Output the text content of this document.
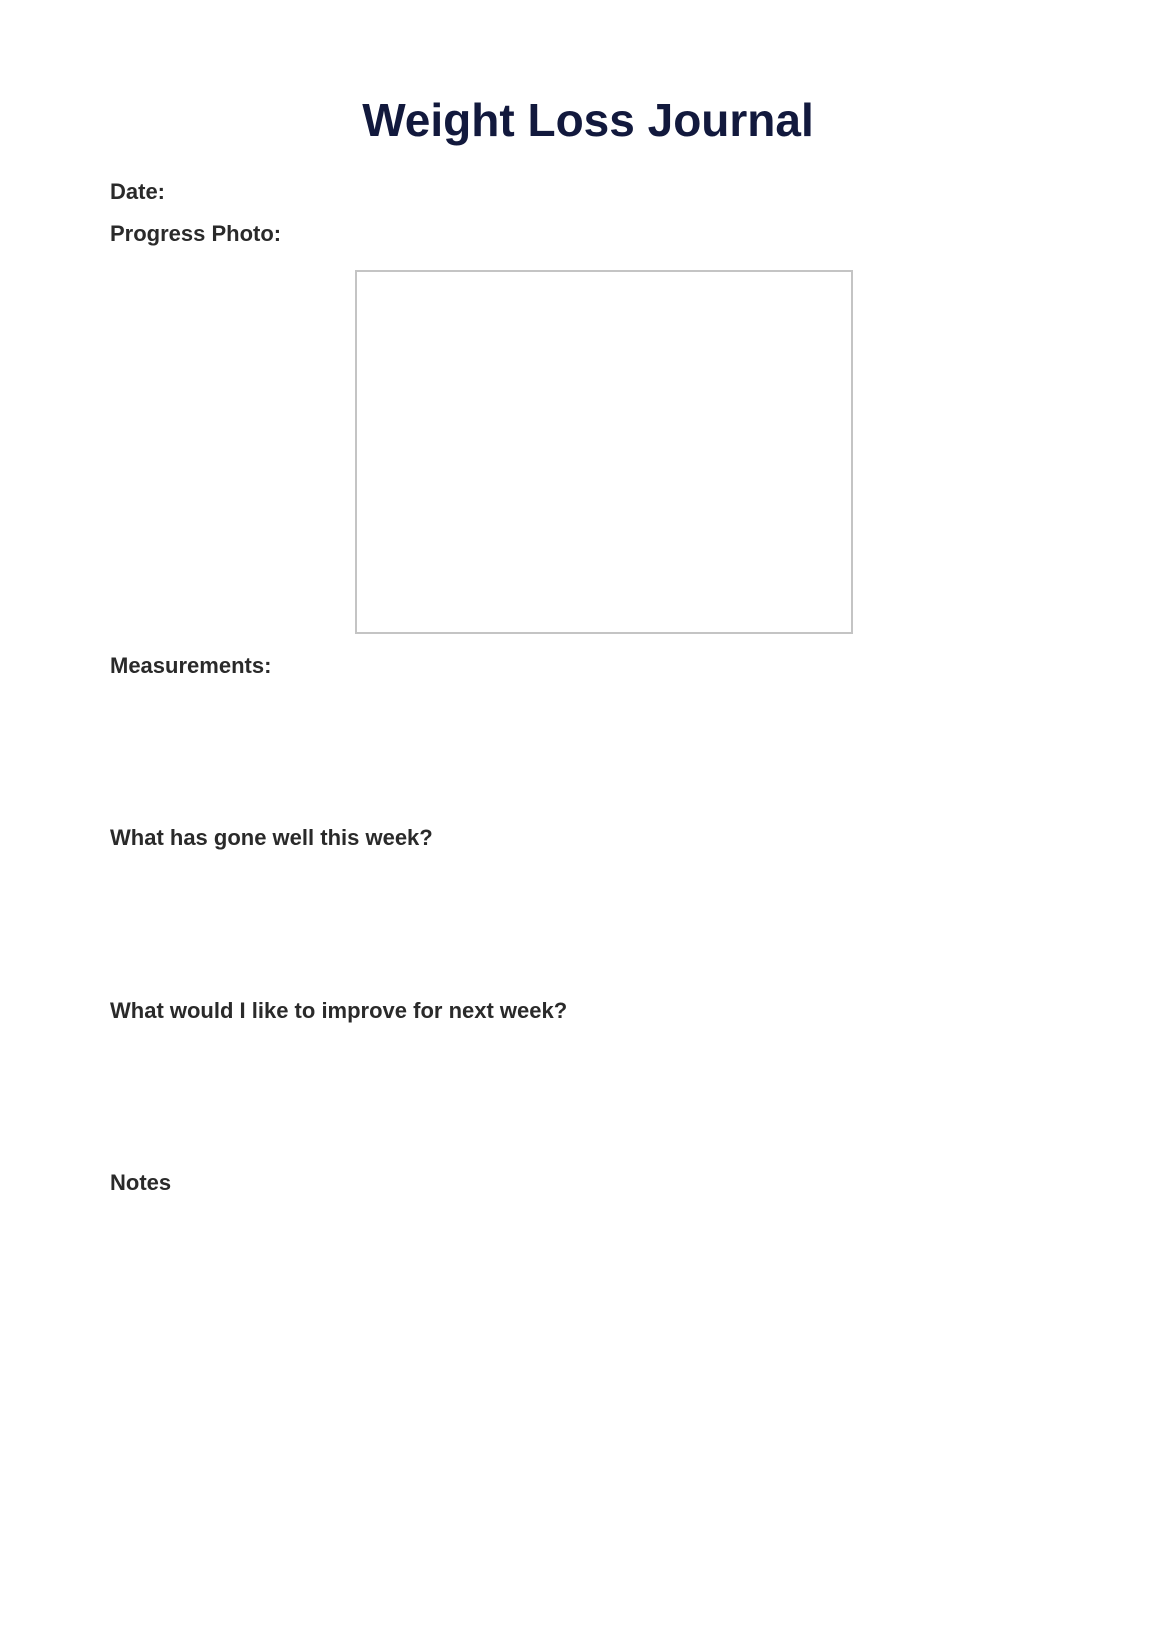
Weight Loss Journal
Date:
Progress Photo:
Measurements:
What has gone well this week?
What would I like to improve for next week?
Notes
